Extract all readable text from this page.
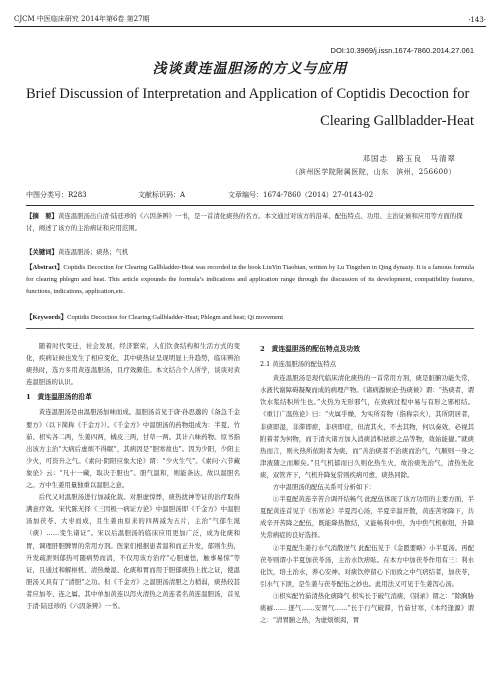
CJCM 中医临床研究 2014年第6卷 第27期	·143·
DOI:10.3969/j.issn.1674-7860.2014.27.061
浅谈黄连温胆汤的方义与应用
Brief Discussion of Interpretation and Application of Coptidis Decoction for
Clearing Gallbladder-Heat
邓国志　路玉良　马清翠
（滨州医学院附属医院，山东　滨州，256600）
中图分类号：R283	文献标识码：A	文章编号：1674-7860（2014）27-0143-02
【摘　要】黄连温胆汤出自清·陆廷珍的《六因条辨》一书，是一首清化痰热的名方。本文通过对该方的沿革、配伍特点、功用、主治证候和应用等方面的探讨，阐述了该方的主治病证和应用范围。
【关键词】黄连温胆汤；痰热；气机
【Abstract】Coptidis Decoction for Clearing Gallbladder-Heat was recorded in the book LiuYin Tiaobian, written by Lu Tingzhen in Qing dynasty. It is a famous formula for clearing phlegm and heat. This article expounds the formula’s indications and application range through the discussion of its development, compatibility features, functions, indications, application,etc.
【Keywords】Coptidis Decoction for Clearing Gallbladder-Heat; Phlegm and heat; Qi movement

随着时代变迁，社会发展，经济繁荣，人们饮食结构和生活方式的变化，疾病证候也发生了相应变化，其中痰热证呈现明显上升趋势，临床辨治痰热时，选方多用黄连温胆汤，且疗效颇佳。本文结合个人所学，谈谈对黄连温胆汤的认识。

1　黄连温胆汤的沿革

黄连温胆汤是由温胆汤加味而成。温胆汤首见于唐·孙思邈的《备急千金要方》（以下简称《千金方》）。《千金方》中温胆汤的药物组成为：半夏、竹茹、枳实各二两，生姜四两，橘皮三两，甘草一两。其计六味药物。原书指出该方主治“大病后虚烦不得眠”，其病因是“胆寒故也”。因为少阳，少阳主少火，可资升之气。《素问·阴阳应象大论》谓：“少火生气”。《素问·六节藏象论》云：“凡十一藏，取决于胆也”。胆气温和，则能条达，故以温胆名之。方中生姜用量独重以温胆之意。

后代又对温胆汤进行加减化裁。对胆虚惊悸，痰热扰神等证的治疗取得满意疗效。宋代陈无择《三因极一病证方论》中温胆汤即《千金方》中温胆汤加茯苓、大枣而成，且生姜由原来的四两减为五片，主治“气郁生涎（痰）……变生诸证”。宋以后温胆汤的临床应用更加广泛，成为化痰和胃，调理肝胆脾胃的常用方剂。医家们根据患者温和而正升发，郁则生热，升发疏泄则郁热可随病势而消，不仅用该方治疗“心胆虚怯，触事易惊”等证，且通过和解枢机、清热燥湿、化痰和胃而用于胆郁痰热上扰之证，使温胆汤又具有了“清胆”之功。但《千金方》之温胆汤清胆之力稍弱，痰热较甚者应加苓、连之属。其中单加黄连以泻火清热之黄连者名黄连温胆汤，首见于清·陆廷珍的《六因条辨》一书。

2　黄连温胆汤的配伍特点及功效
2.1 黄连温胆汤的配伍特点

黄连温胆汤是现代临床清化痰热的一首常用方剂，痰是脏腑功能失常，水液代谢障碍凝聚而成的病理产物。《诸病源候论·热痰候》谓：“热痰者，谓饮水浆结积所生也。”火热为无形邪气，在致病过程中易与有形之邪相结。《重订广温热论》曰：“火属乎燥，为实所有物（指称宗火），其所阴居者，非痰即湿，非滞即瘀，非痞即症，但清其火，不去其物，何以奏效，必视其附着者为何物，而于清火诸方加入消痰消积祛瘀之品等物，效始能捷。”就痰热而言，则火热所依附者为痰，而“善治痰者不治痰而治气，气顺则一身之津液随之而顺矣。”且气机郁而日久则化热生火，故治痰先治气，清热先化痰，双管齐下，气机升降复常则疾病可愈，痰热同除。

方中温胆汤的配伍关系可分析如下：

①半夏配黄连辛苦合调开结畅气 此配伍体现了该方功用的主要方面，半夏配黄连首见于《伤寒论》半夏泻心汤，半夏辛温开散，黄连苦寒降下，共成辛开苦降之配伍，既能降热散结，又能畅利中焦，为中焦气机枢纽，升降失常病症的良好选择。

②半夏配生姜行水气消散逆气 此配伍见于《金匮要略》小半夏汤。再配茯苓则谓小半夏加茯苓汤，主治水饮痞眩。在本方中加茯苓作用有三：利水化饮，培土治水，养心安神。对痰饮停留心下而致之中气痞结者，加茯苓，引水气下泄，是生姜与茯苓配伍之妙也。此用法又可见于生姜泻心汤。

③枳实配竹茹清热化痰降气 枳实长于破气消痰，《别录》谓之：“除胸胁痰癖…… 逐气……安胃气……”长于行气破滞，竹茹甘寒，《本经逢源》谓之：“清胃腑之热，为虚烦烦渴，胃
